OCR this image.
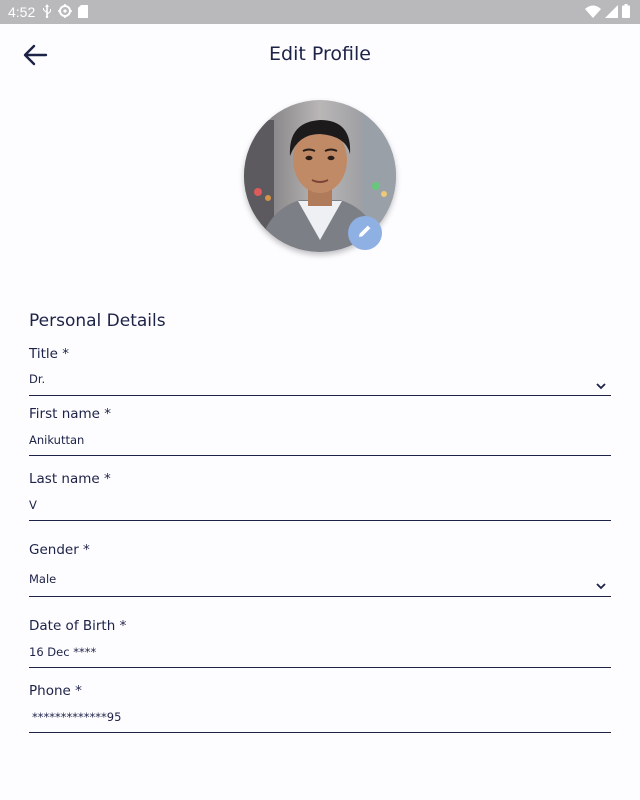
4:52
Edit Profile
Personal Details
Title *
Dr.
First name *
Anikuttan
Last name *
V
Gender *
Male
Date of Birth *
16 Dec ****
Phone *
*************95
